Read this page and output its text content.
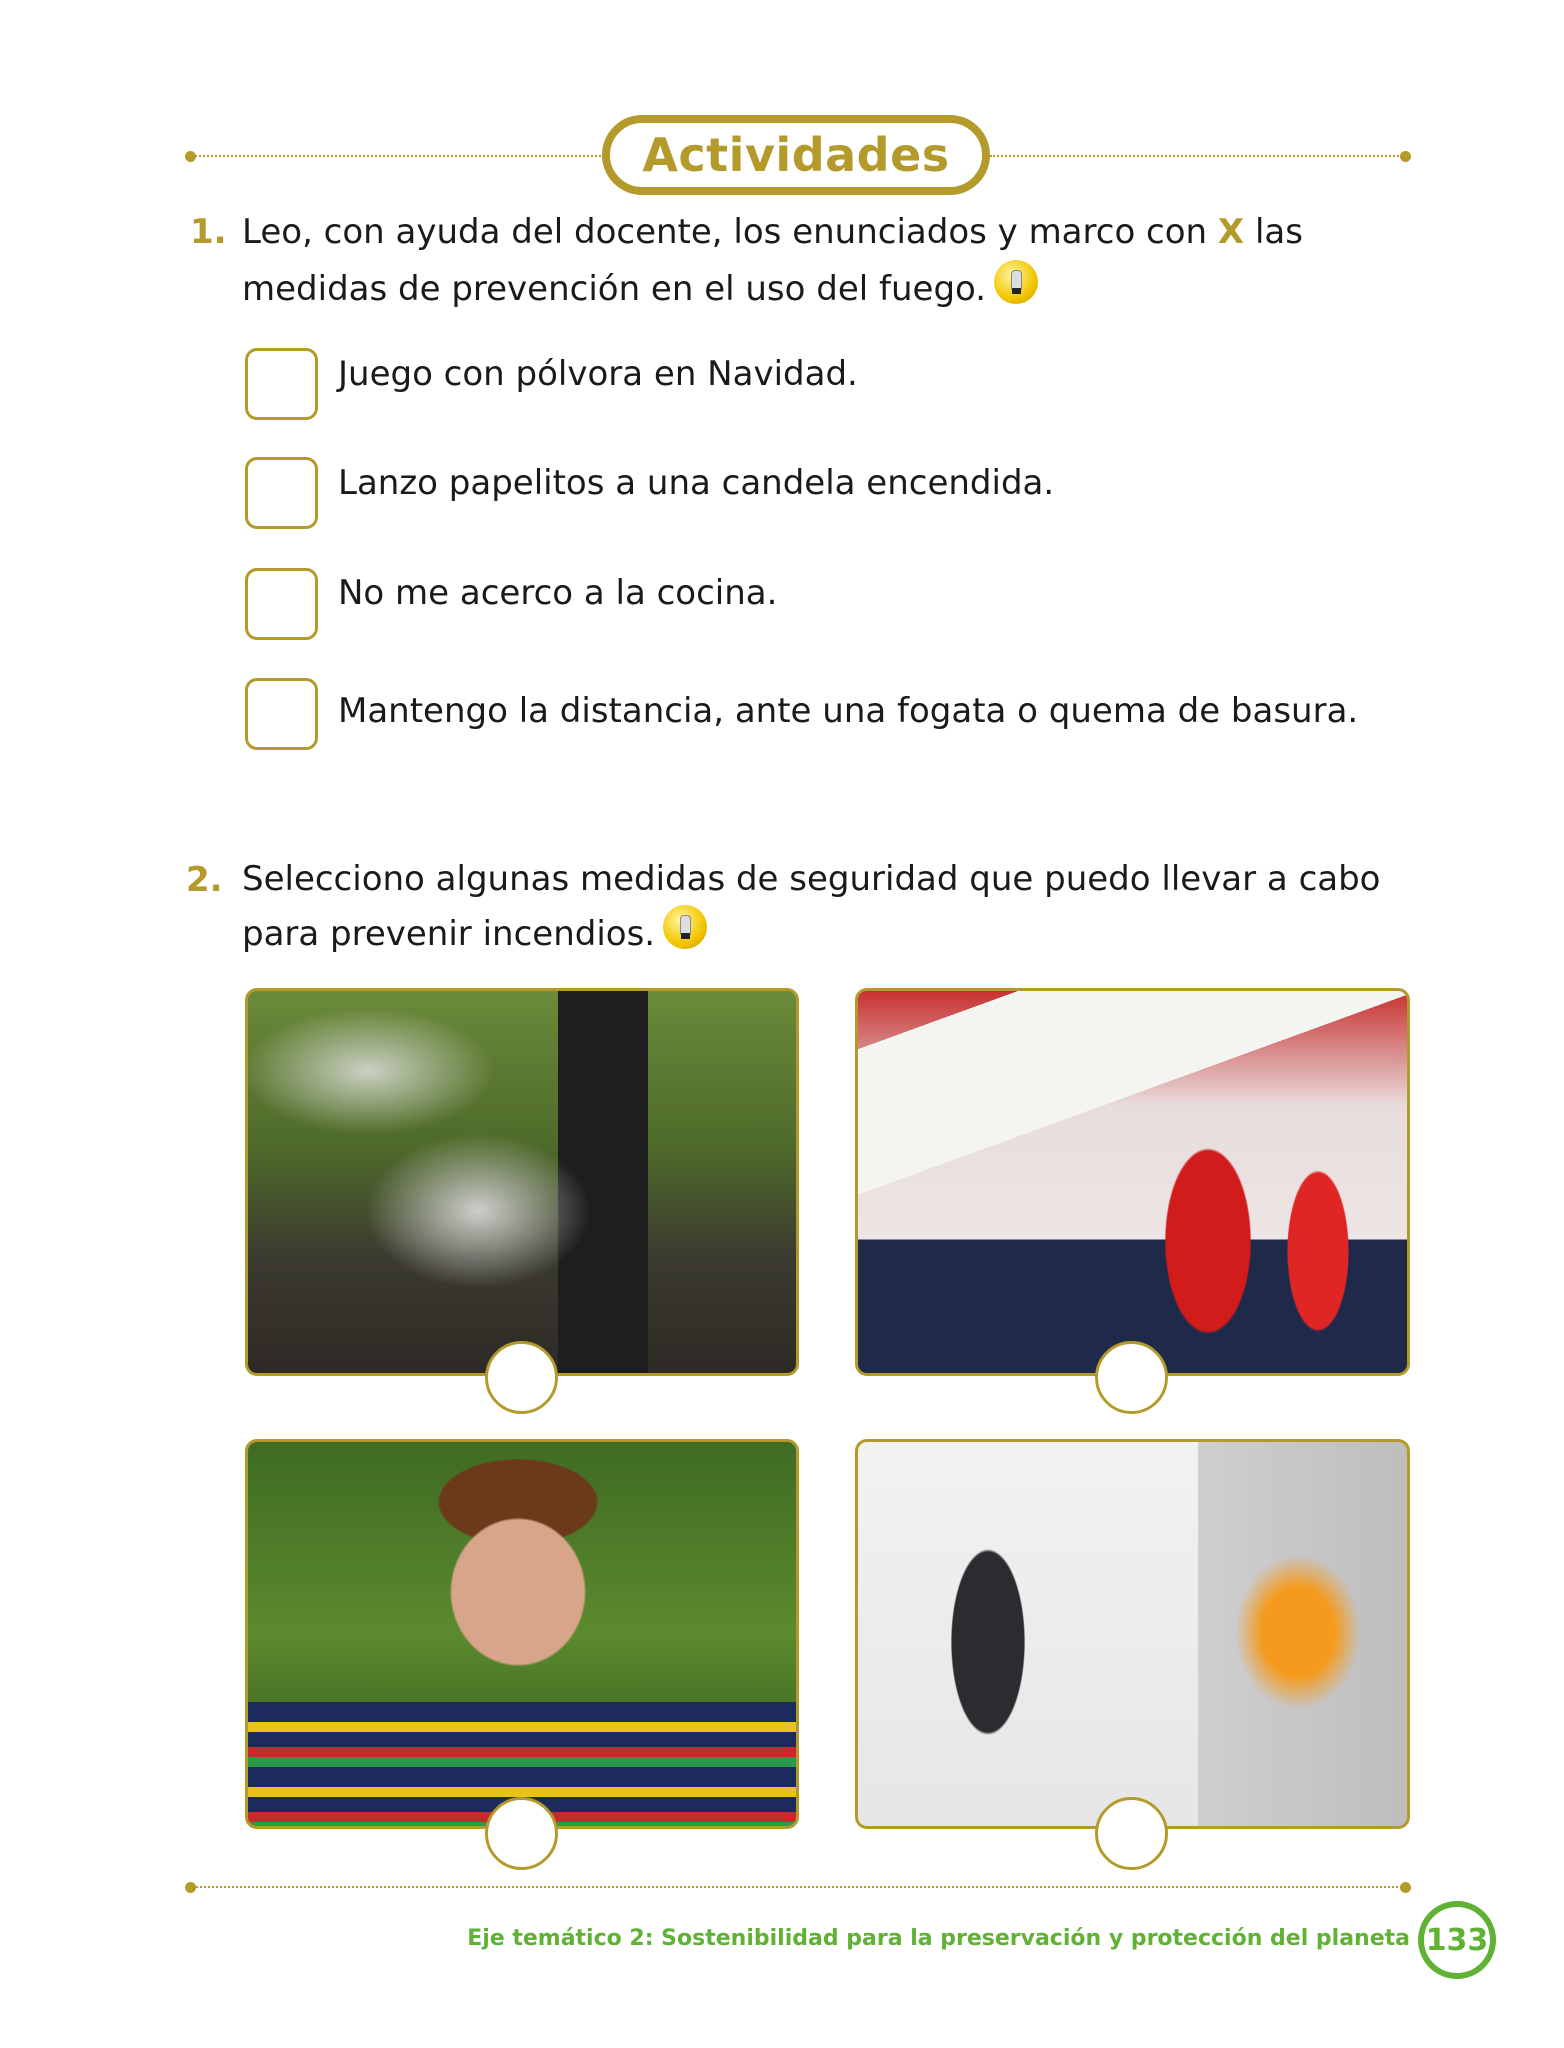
Actividades
1. Leo, con ayuda del docente, los enunciados y marco con X las
medidas de prevención en el uso del fuego.
Juego con pólvora en Navidad.
Lanzo papelitos a una candela encendida.
No me acerco a la cocina.
Mantengo la distancia, ante una fogata o quema de basura.
2. Selecciono algunas medidas de seguridad que puedo llevar a cabo
para prevenir incendios.
Eje temático 2: Sostenibilidad para la preservación y protección del planeta 133
